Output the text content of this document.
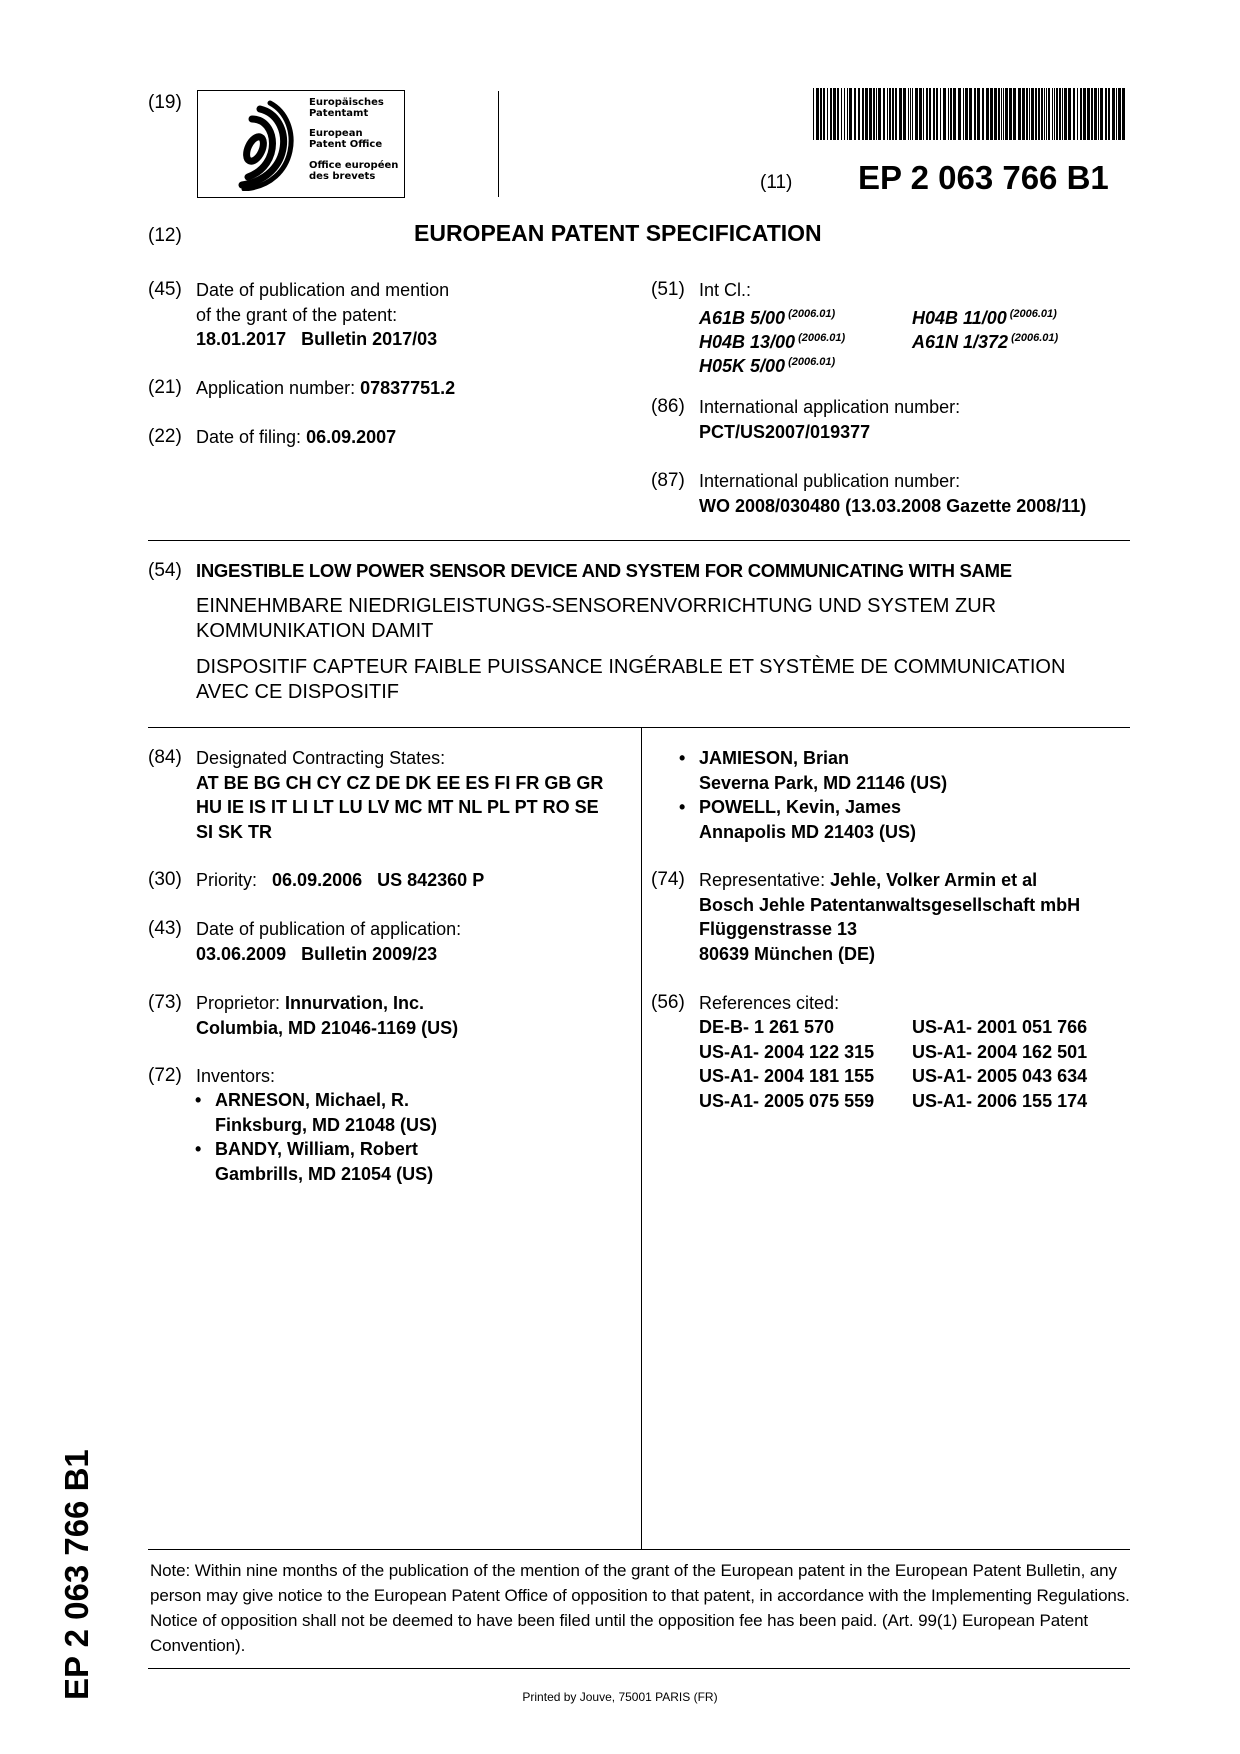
(19)	Europäisches
Patentamt
European
Patent Office
Office européen
des brevets	(11) EP 2 063 766 B1
(12)	EUROPEAN PATENT SPECIFICATION
(45) Date of publication and mention
of the grant of the patent:
18.01.2017   Bulletin 2017/03
(21) Application number: 07837751.2
(22) Date of filing: 06.09.2007
(51) Int Cl.:
A61B 5/00 (2006.01)	H04B 11/00 (2006.01)
H04B 13/00 (2006.01)	A61N 1/372 (2006.01)
H05K 5/00 (2006.01)
(86) International application number:
PCT/US2007/019377
(87) International publication number:
WO 2008/030480 (13.03.2008 Gazette 2008/11)
(54) INGESTIBLE LOW POWER SENSOR DEVICE AND SYSTEM FOR COMMUNICATING WITH SAME
EINNEHMBARE NIEDRIGLEISTUNGS-SENSORENVORRICHTUNG UND SYSTEM ZUR
KOMMUNIKATION DAMIT
DISPOSITIF CAPTEUR FAIBLE PUISSANCE INGÉRABLE ET SYSTÈME DE COMMUNICATION
AVEC CE DISPOSITIF
(84) Designated Contracting States:
AT BE BG CH CY CZ DE DK EE ES FI FR GB GR
HU IE IS IT LI LT LU LV MC MT NL PL PT RO SE
SI SK TR
(30) Priority: 06.09.2006   US 842360 P
(43) Date of publication of application:
03.06.2009   Bulletin 2009/23
(73) Proprietor: Innurvation, Inc.
Columbia, MD 21046-1169 (US)
(72) Inventors:
• ARNESON, Michael, R.
Finksburg, MD 21048 (US)
• BANDY, William, Robert
Gambrills, MD 21054 (US)
• JAMIESON, Brian
Severna Park, MD 21146 (US)
• POWELL, Kevin, James
Annapolis MD 21403 (US)
(74) Representative: Jehle, Volker Armin et al
Bosch Jehle Patentanwaltsgesellschaft mbH
Flüggenstrasse 13
80639 München (DE)
(56) References cited:
DE-B- 1 261 570	US-A1- 2001 051 766
US-A1- 2004 122 315	US-A1- 2004 162 501
US-A1- 2004 181 155	US-A1- 2005 043 634
US-A1- 2005 075 559	US-A1- 2006 155 174
EP 2 063 766 B1	Note: Within nine months of the publication of the mention of the grant of the European patent in the European Patent Bulletin, any person may give notice to the European Patent Office of opposition to that patent, in accordance with the Implementing Regulations. Notice of opposition shall not be deemed to have been filed until the opposition fee has been paid. (Art. 99(1) European Patent Convention).
Printed by Jouve, 75001 PARIS (FR)
